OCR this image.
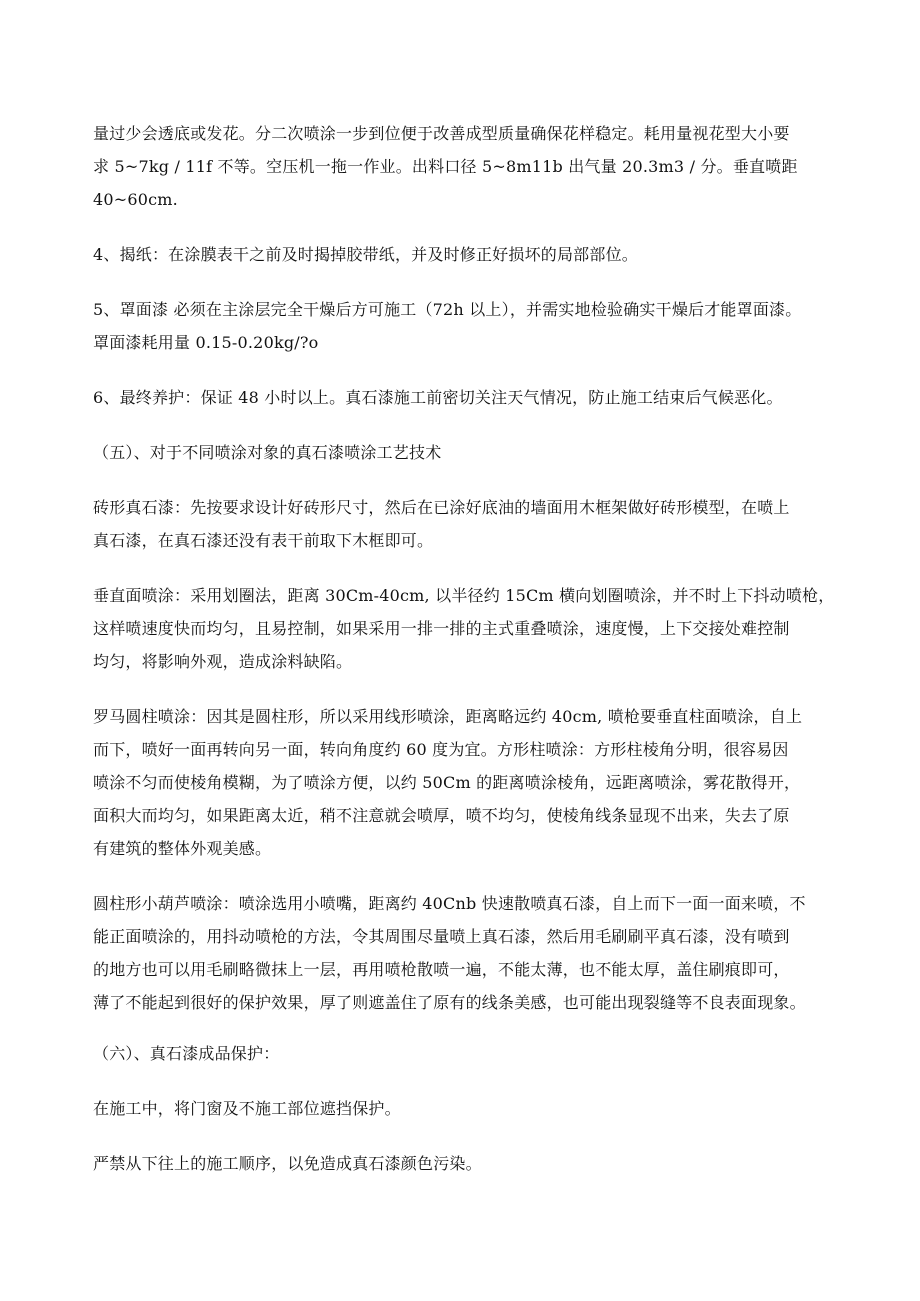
量过少会透底或发花。分二次喷涂一步到位便于改善成型质量确保花样稳定。耗用量视花型大小要
求 5~7kg / 11f 不等。空压机一拖一作业。出料口径 5~8m11b 出气量 20.3m3 / 分。垂直喷距
40~60cm.
4、揭纸：在涂膜表干之前及时揭掉胶带纸，并及时修正好损坏的局部部位。
5、罩面漆 必须在主涂层完全干燥后方可施工（72h 以上），并需实地检验确实干燥后才能罩面漆。
罩面漆耗用量 0.15-0.20kg/?o
6、最终养护：保证 48 小时以上。真石漆施工前密切关注天气情况，防止施工结束后气候恶化。
（五）、对于不同喷涂对象的真石漆喷涂工艺技术
砖形真石漆：先按要求设计好砖形尺寸，然后在已涂好底油的墙面用木框架做好砖形模型，在喷上
真石漆，在真石漆还没有表干前取下木框即可。
垂直面喷涂：采用划圈法，距离 30Cm-40cm, 以半径约 15Cm 横向划圈喷涂，并不时上下抖动喷枪，
这样喷速度快而均匀，且易控制，如果采用一排一排的主式重叠喷涂，速度慢，上下交接处难控制
均匀，将影响外观，造成涂料缺陷。
罗马圆柱喷涂：因其是圆柱形，所以采用线形喷涂，距离略远约 40cm, 喷枪要垂直柱面喷涂，自上
而下，喷好一面再转向另一面，转向角度约 60 度为宜。方形柱喷涂：方形柱棱角分明，很容易因
喷涂不匀而使棱角模糊，为了喷涂方便，以约 50Cm 的距离喷涂棱角，远距离喷涂，雾花散得开，
面积大而均匀，如果距离太近，稍不注意就会喷厚，喷不均匀，使棱角线条显现不出来，失去了原
有建筑的整体外观美感。
圆柱形小葫芦喷涂：喷涂选用小喷嘴，距离约 40Cnb 快速散喷真石漆，自上而下一面一面来喷，不
能正面喷涂的，用抖动喷枪的方法，令其周围尽量喷上真石漆，然后用毛刷刷平真石漆，没有喷到
的地方也可以用毛刷略微抹上一层，再用喷枪散喷一遍，不能太薄，也不能太厚，盖住刷痕即可，
薄了不能起到很好的保护效果，厚了则遮盖住了原有的线条美感，也可能出现裂缝等不良表面现象。
（六）、真石漆成品保护：
在施工中，将门窗及不施工部位遮挡保护。
严禁从下往上的施工顺序，以免造成真石漆颜色污染。
